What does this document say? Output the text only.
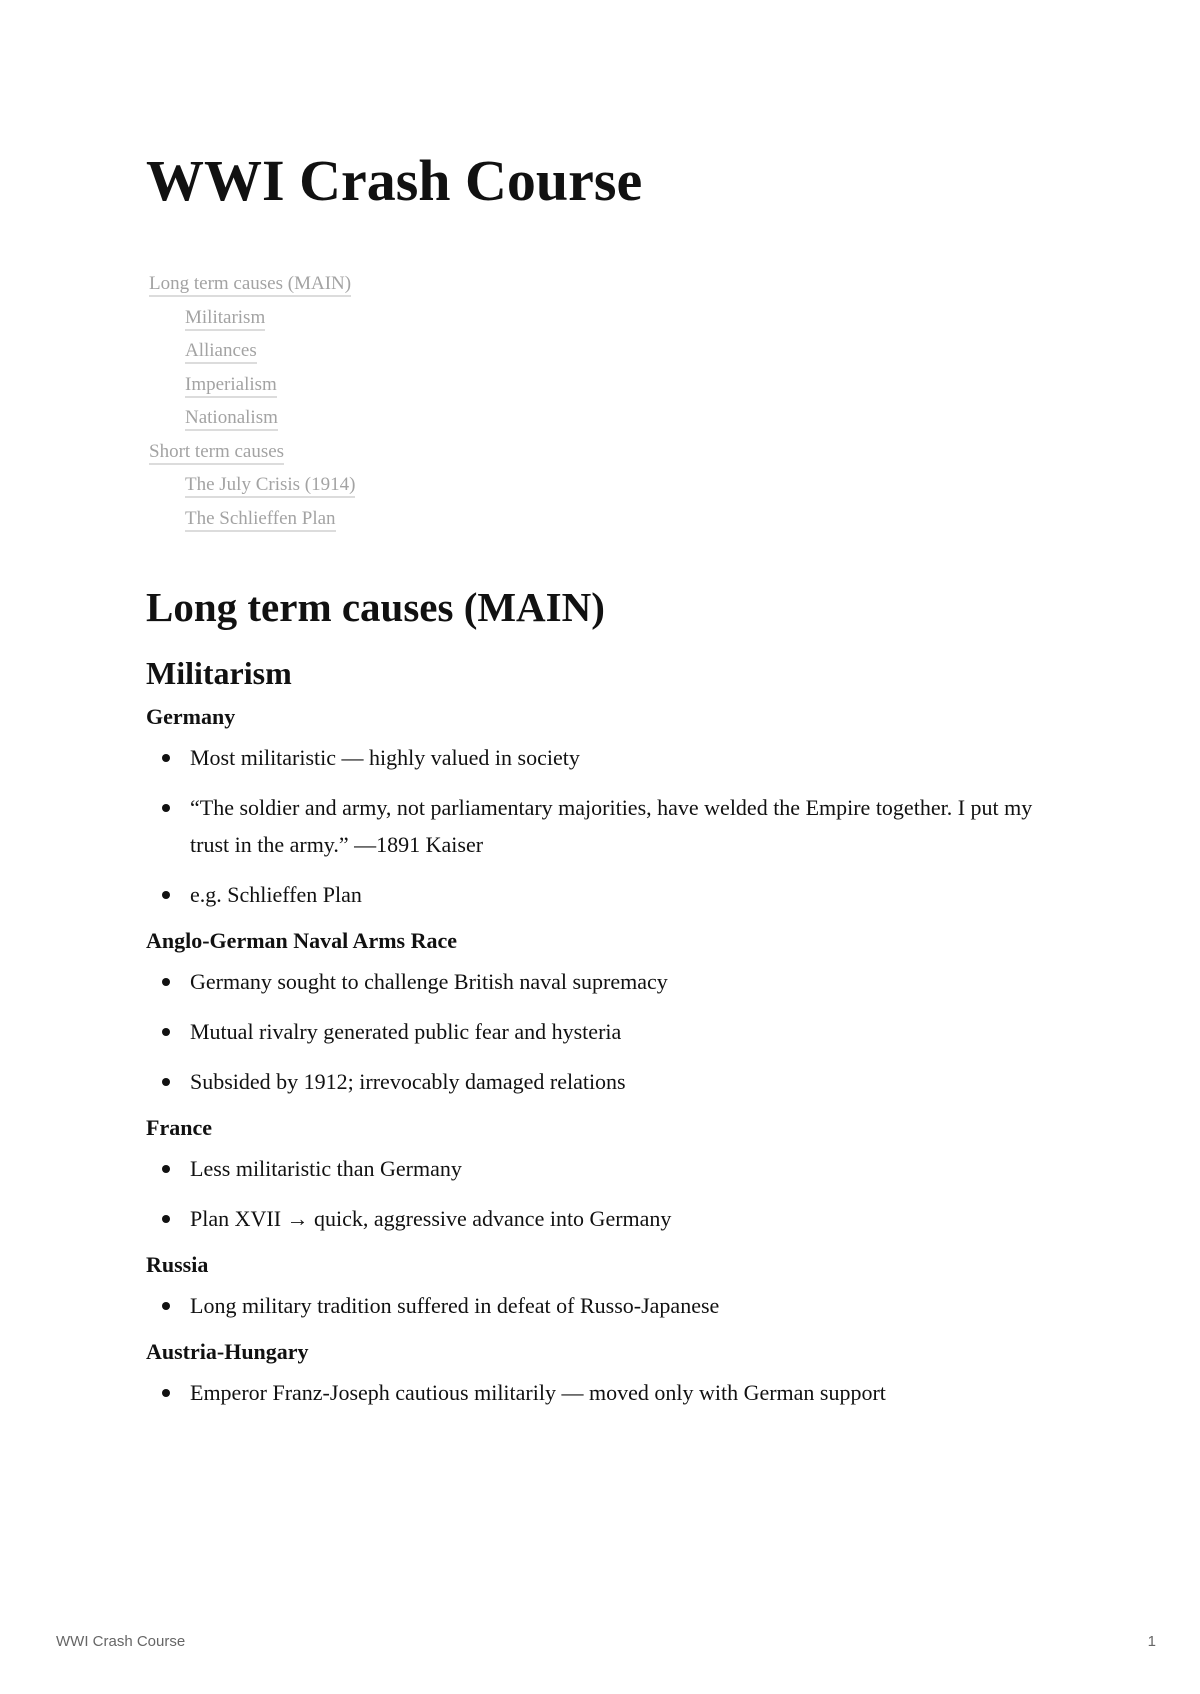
WWI Crash Course
Long term causes (MAIN)
Militarism
Alliances
Imperialism
Nationalism
Short term causes
The July Crisis (1914)
The Schlieffen Plan
Long term causes (MAIN)
Militarism
Germany
Most militaristic — highly valued in society
“The soldier and army, not parliamentary majorities, have welded the Empire together. I put my trust in the army.” —1891 Kaiser
e.g. Schlieffen Plan
Anglo-German Naval Arms Race
Germany sought to challenge British naval supremacy
Mutual rivalry generated public fear and hysteria
Subsided by 1912; irrevocably damaged relations
France
Less militaristic than Germany
Plan XVII → quick, aggressive advance into Germany
Russia
Long military tradition suffered in defeat of Russo-Japanese
Austria-Hungary
Emperor Franz-Joseph cautious militarily — moved only with German support
WWI Crash Course	1
